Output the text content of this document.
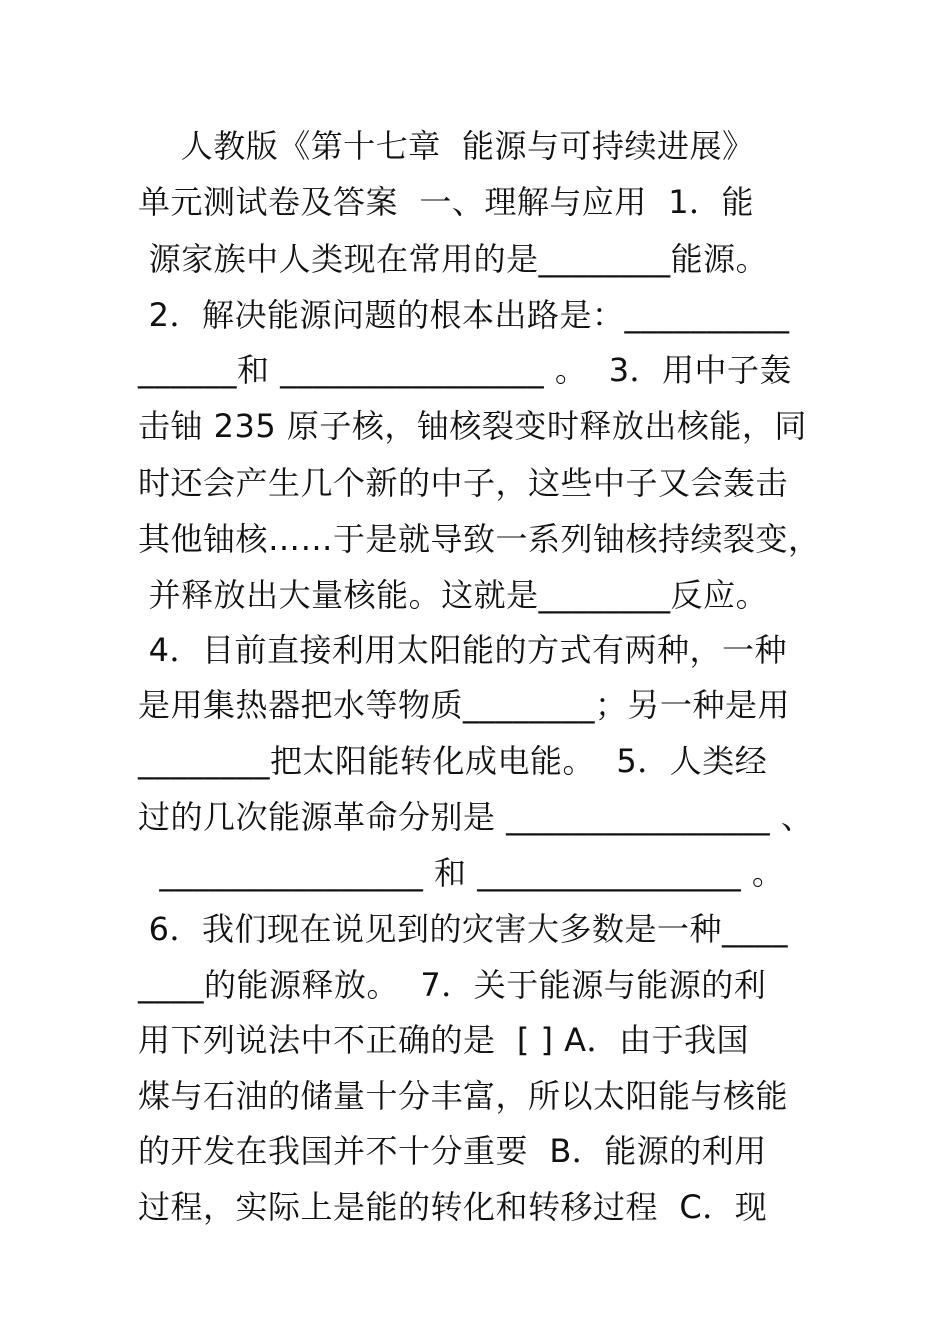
人教版《第十七章  能源与可持续进展》
单元测试卷及答案  一、理解与应用  1．能
源家族中人类现在常用的是________能源。
2．解决能源问题的根本出路是：__________
______和 ________________ 。  3．用中子轰
击铀 235 原子核，铀核裂变时释放出核能，同
时还会产生几个新的中子，这些中子又会轰击
其他铀核……于是就导致一系列铀核持续裂变，
并释放出大量核能。这就是________反应。
4．目前直接利用太阳能的方式有两种，一种
是用集热器把水等物质________；另一种是用
________把太阳能转化成电能。  5．人类经
过的几次能源革命分别是 ________________ 、
________________ 和 ________________ 。
6．我们现在说见到的灾害大多数是一种____
____的能源释放。  7．关于能源与能源的利
用下列说法中不正确的是  [ ] A．由于我国
煤与石油的储量十分丰富，所以太阳能与核能
的开发在我国并不十分重要  B．能源的利用
过程，实际上是能的转化和转移过程  C．现
